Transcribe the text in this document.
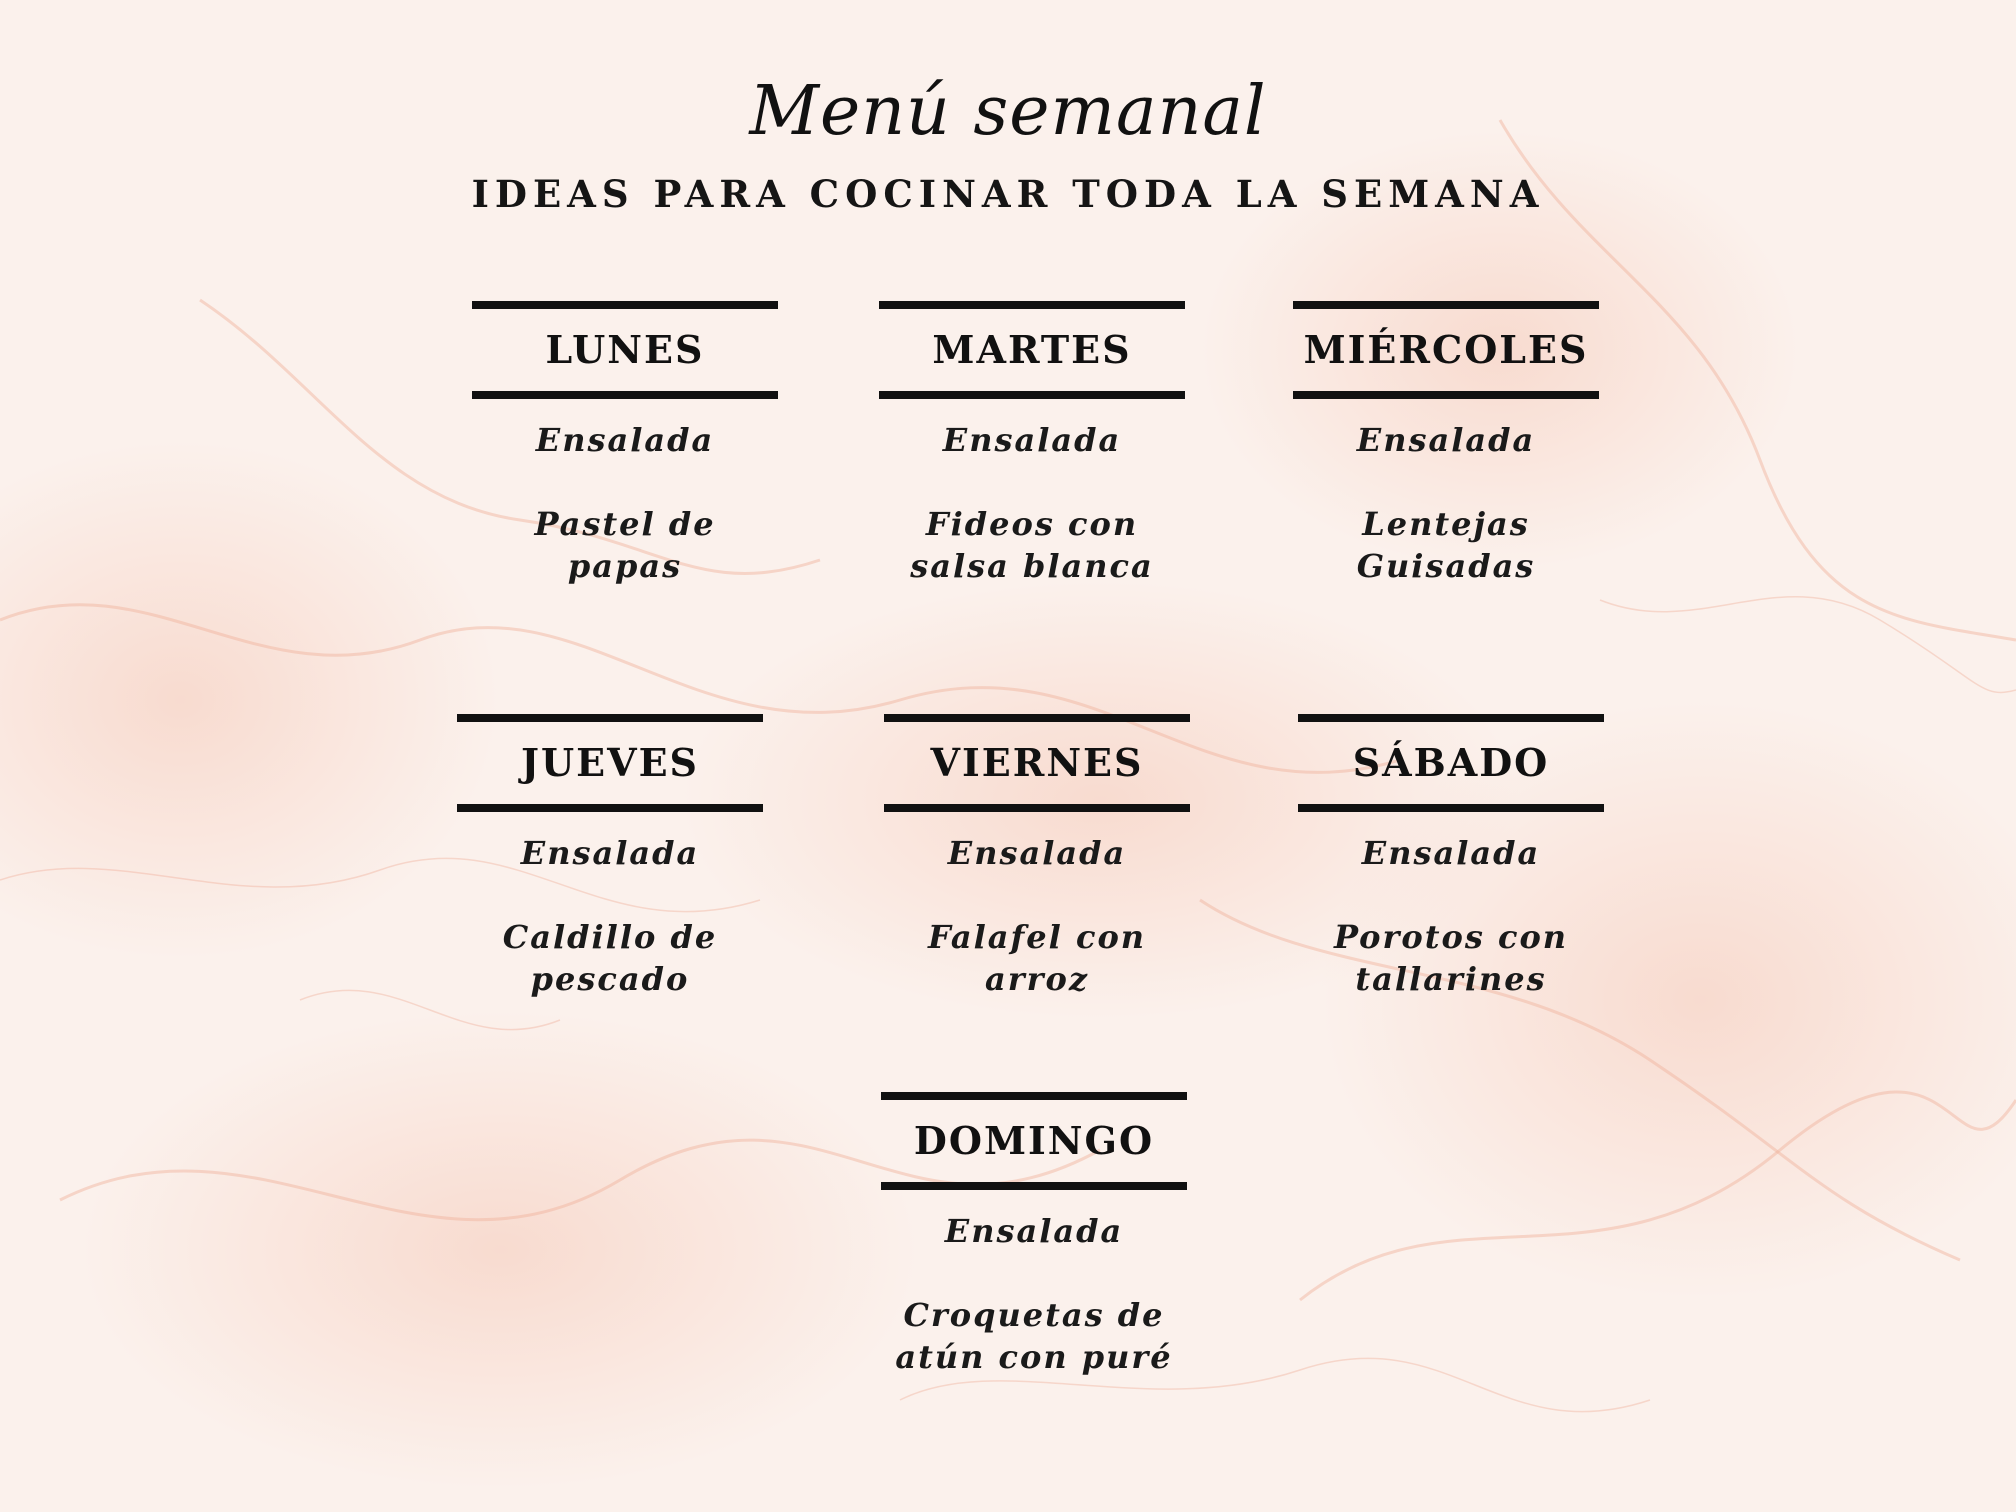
Menú semanal
IDEAS PARA COCINAR TODA LA SEMANA
LUNES
Ensalada
Pastel de papas
MARTES
Ensalada
Fideos con salsa blanca
MIÉRCOLES
Ensalada
Lentejas Guisadas
JUEVES
Ensalada
Caldillo de pescado
VIERNES
Ensalada
Falafel con arroz
SÁBADO
Ensalada
Porotos con tallarines
DOMINGO
Ensalada
Croquetas de atún con puré
